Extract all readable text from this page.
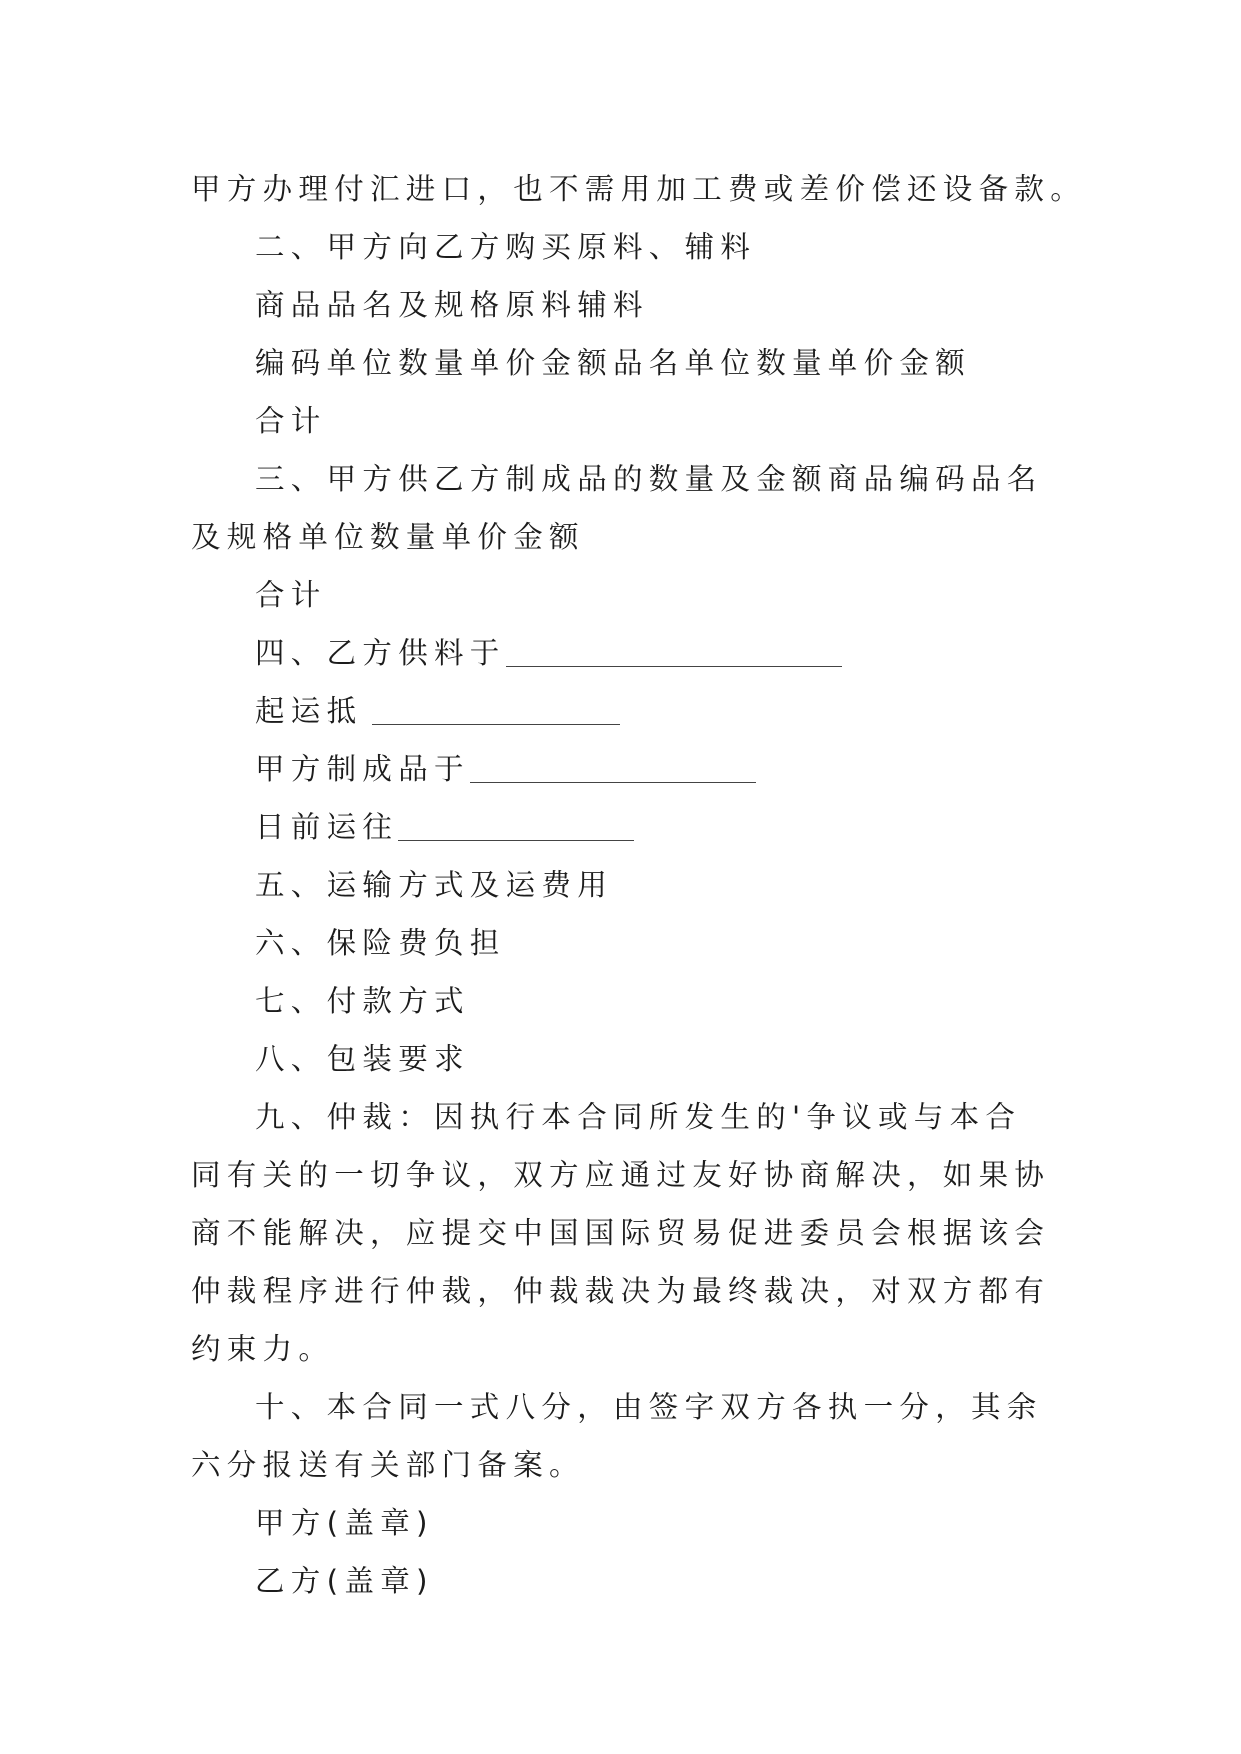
甲方办理付汇进口，也不需用加工费或差价偿还设备款。

二、甲方向乙方购买原料、辅料

商品品名及规格原料辅料

编码单位数量单价金额品名单位数量单价金额

合计

三、甲方供乙方制成品的数量及金额商品编码品名及规格单位数量单价金额

合计

四、乙方供料于

起运抵

甲方制成品于

日前运往

五、运输方式及运费用

六、保险费负担

七、付款方式

八、包装要求

九、仲裁：因执行本合同所发生的'争议或与本合同有关的一切争议，双方应通过友好协商解决，如果协商不能解决，应提交中国国际贸易促进委员会根据该会仲裁程序进行仲裁，仲裁裁决为最终裁决，对双方都有约束力。

十、本合同一式八分，由签字双方各执一分，其余六分报送有关部门备案。

甲方(盖章)

乙方(盖章)
